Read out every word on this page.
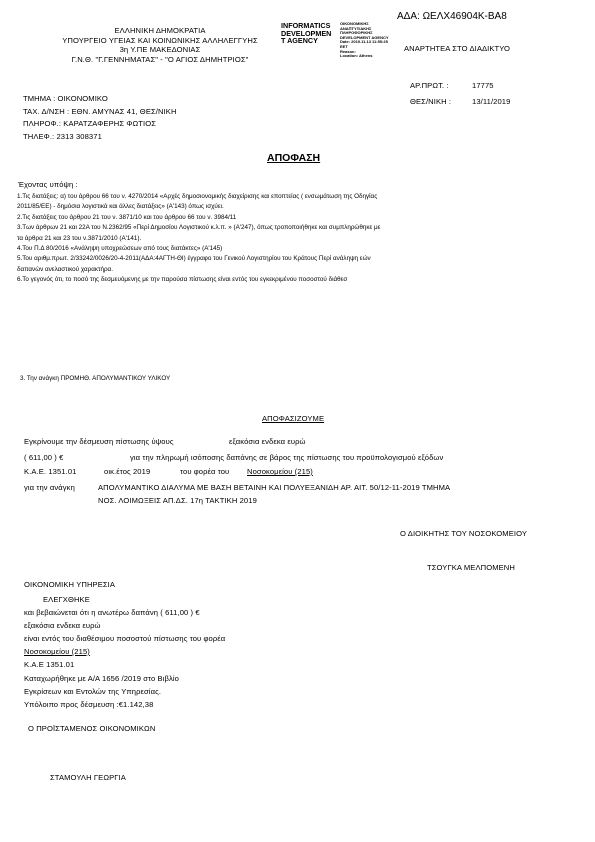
ΑΔΑ: ΩΕΛΧ46904Κ-ΒΑ8
ΕΛΛΗΝΙΚΗ ΔΗΜΟΚΡΑΤΙΑ
ΥΠΟΥΡΓΕΙΟ ΥΓΕΙΑΣ ΚΑΙ ΚΟΙΝΩΝΙΚΗΣ ΑΛΛΗΛΕΓΓΥΗΣ
3η Υ.ΠΕ ΜΑΚΕΔΟΝΙΑΣ
Γ.Ν.Θ. "Γ.ΓΕΝΝΗΜΑΤΑΣ" - "Ο ΑΓΙΟΣ ΔΗΜΗΤΡΙΟΣ"
INFORMATICS
DEVELOPMEN
T AGENCY
ΟΙΚΟΝΟΜΙΚΗΣ
ΑΝΑΠΤΥΞΙΑΚΗΣ
ΠΛΗΡΟΦΟΡΙΚΗΣ
DEVELOPMENT AGENCY
Date: 2019.11.13 11:55:25
EET
Reason:
Location: Athens
ΑΝΑΡΤΗΤΕΑ ΣΤΟ ΔΙΑΔΙΚΤΥΟ
ΑΡ.ΠΡΩΤ. :	17775
ΘΕΣ/ΝΙΚΗ :	13/11/2019
ΤΜΗΜΑ : ΟΙΚΟΝΟΜΙΚΟ
ΤΑΧ. Δ/ΝΣΗ : ΕΘΝ. ΑΜΥΝΑΣ 41, ΘΕΣ/ΝΙΚΗ
ΠΛΗΡΟΦ.: ΚΑΡΑΤΖΑΦΕΡΗΣ ΦΩΤΙΟΣ
ΤΗΛΕΦ.: 2313 308371
ΑΠΟΦΑΣΗ
Έχοντας υπόψη :
1.Τις διατάξεις: α) του άρθρου 66 του ν. 4270/2014 «Αρχές δημοσιονομικής διαχείρισης και εποπτείας ( ενσωμάτωση της Οδηγίας
2011/85/ΕΕ) - δημόσια λογιστικά και άλλες διατάξεις» (Α'143) όπως ισχύει.
2.Τις διατάξεις του άρθρου 21 του ν. 3871/10 και του άρθρου 66 του ν. 3984/11
3.Των άρθρων 21 και 22Α του Ν.2362/95 «Περί Δημοσίου Λογιστικού κ.λ.π. » (Α'247), όπως τροποποιήθηκε και συμπληρώθηκε με
τα άρθρα 21 και 23 του ν.3871/2010 (Α'141).
4.Του Π.Δ 80/2016 «Ανάληψη υποχρεώσεων από τους διατάκτες» (Α'145)
5.Του αριθμ.πρωτ. 2/33242/0026/20-4-2011(ΑΔΑ:4ΑΓΤΗ-ΘΙ) έγγραφο του Γενικού Λογιστηρίου του Κράτους Περί ανάληψη εών
δαπανών ανελαστικού χαρακτήρα.
6.Το γεγονός ότι, το ποσό της δεσμευόμενης με την παρούσα πίστωσης είναι εντός του εγκεκριμένου ποσοστού διάθεσ
3. Την ανάγκη ΠΡΟΜΗΘ. ΑΠΟΛΥΜΑΝΤΙΚΟΥ ΥΛΙΚΟΥ
ΑΠΟΦΑΣΙΖΟΥΜΕ
Εγκρίνουμε την δέσμευση πίστωσης ύψους	εξακόσια ενδεκα ευρώ
( 611,00 ) €	για την πληρωμή ισόποσης δαπάνης σε βάρος της πίστωσης του προϋπολογισμού εξόδων
Κ.Α.Ε. 1351.01	οικ.έτος 2019	του φορέα του Νοσοκομείου (215)
για την ανάγκη	ΑΠΟΛΥΜΑΝΤΙΚΟ ΔΙΑΛΥΜΑ ΜΕ ΒΑΣΗ ΒΕΤΑΙΝΗ ΚΑΙ ΠΟΛΥΕΞΑΝΙΔΗ ΑΡ. ΑΙΤ. 50/12-11-2019 ΤΜΗΜΑ
ΝΟΣ. ΛΟΙΜΩΞΕΙΣ ΑΠ.ΔΣ. 17η ΤΑΚΤΙΚΗ 2019
Ο ΔΙΟΙΚΗΤΗΣ ΤΟΥ ΝΟΣΟΚΟΜΕΙΟΥ
ΤΣΟΥΓΚΑ ΜΕΛΠΟΜΕΝΗ
ΟΙΚΟΝΟΜΙΚΗ ΥΠΗΡΕΣΙΑ
ΕΛΕΓΧΘΗΚΕ
και βεβαιώνεται ότι η ανωτέρω δαπάνη ( 611,00 ) €
εξακόσια ενδεκα ευρώ
είναι εντός του διαθέσιμου ποσοστού πίστωσης του φορέα
Νοσοκομείου (215)
Κ.Α.Ε 1351.01
Καταχωρήθηκε με Α/Α 1656 /2019 στο Βιβλίο
Εγκρίσεων και Εντολών της Υπηρεσίας.
Υπόλοιπο προς δέσμευση :€1.142,38
Ο ΠΡΟΪΣΤΑΜΕΝΟΣ ΟΙΚΟΝΟΜΙΚΩΝ
ΣΤΑΜΟΥΛΗ ΓΕΩΡΓΙΑ
